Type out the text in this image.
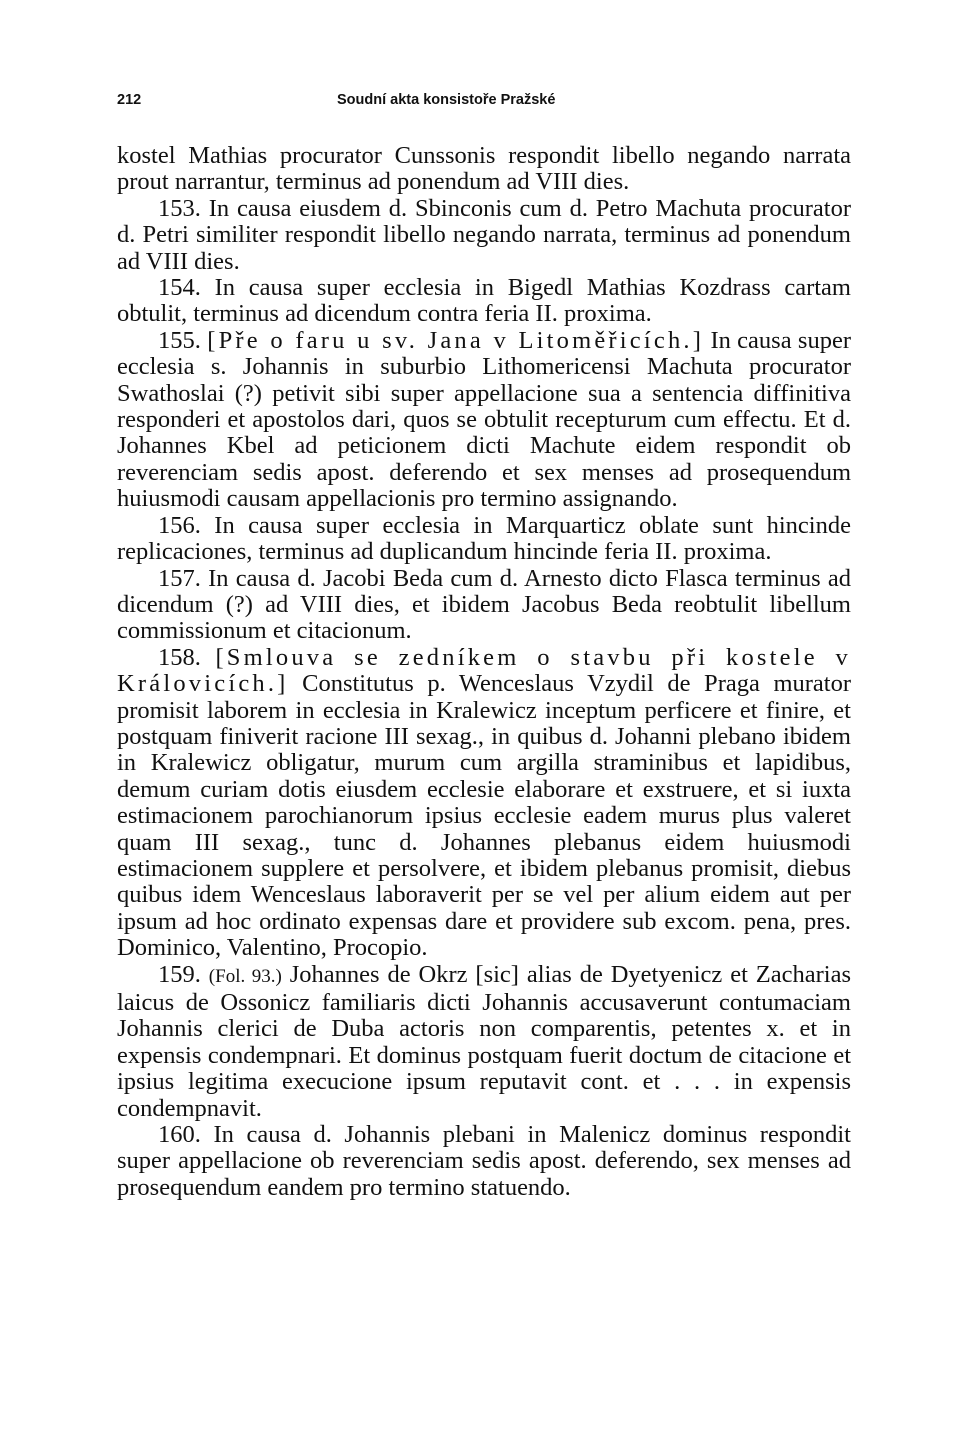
212	Soudní akta konsistoře Pražské

kostel Mathias procurator Cunssonis respondit libello negando narrata prout narrantur, terminus ad ponendum ad VIII dies.

153. In causa eiusdem d. Sbinconis cum d. Petro Machuta procurator d. Petri similiter respondit libello negando narrata, terminus ad ponendum ad VIII dies.

154. In causa super ecclesia in Bigedl Mathias Kozdrass cartam obtulit, terminus ad dicendum contra feria II. proxima.

155. [Pře o faru u sv. Jana v Litoměřicích.] In causa super ecclesia s. Johannis in suburbio Lithomericensi Machuta procurator Swathoslai (?) petivit sibi super appellacione sua a sentencia diffinitiva responderi et apostolos dari, quos se obtulit recepturum cum effectu. Et d. Johannes Kbel ad peticionem dicti Machute eidem respondit ob reverenciam sedis apost. deferendo et sex menses ad prosequendum huiusmodi causam appellacionis pro termino assignando.

156. In causa super ecclesia in Marquarticz oblate sunt hincinde replicaciones, terminus ad duplicandum hincinde feria II. proxima.

157. In causa d. Jacobi Beda cum d. Arnesto dicto Flasca terminus ad dicendum (?) ad VIII dies, et ibidem Jacobus Beda reobtulit libellum commissionum et citacionum.

158. [Smlouva se zedníkem o stavbu při kostele v Královicích.] Constitutus p. Wenceslaus Vzydil de Praga murator promisit laborem in ecclesia in Kralewicz inceptum perficere et finire, et postquam finiverit racione III sexag., in quibus d. Johanni plebano ibidem in Kralewicz obligatur, murum cum argilla straminibus et lapidibus, demum curiam dotis eiusdem ecclesie elaborare et exstruere, et si iuxta estimacionem parochianorum ipsius ecclesie eadem murus plus valeret quam III sexag., tunc d. Johannes plebanus eidem huiusmodi estimacionem supplere et persolvere, et ibidem plebanus promisit, diebus quibus idem Wenceslaus laboraverit per se vel per alium eidem aut per ipsum ad hoc ordinato expensas dare et providere sub excom. pena, pres. Dominico, Valentino, Procopio.

159. (Fol. 93.) Johannes de Okrz [sic] alias de Dyetyenicz et Zacharias laicus de Ossonicz familiaris dicti Johannis accusaverunt contumaciam Johannis clerici de Duba actoris non comparentis, petentes x. et in expensis condempnari. Et dominus postquam fuerit doctum de citacione et ipsius legitima execucione ipsum reputavit cont. et . . . in expensis condempnavit.

160. In causa d. Johannis plebani in Malenicz dominus respondit super appellacione ob reverenciam sedis apost. deferendo, sex menses ad prosequendum eandem pro termino statuendo.
